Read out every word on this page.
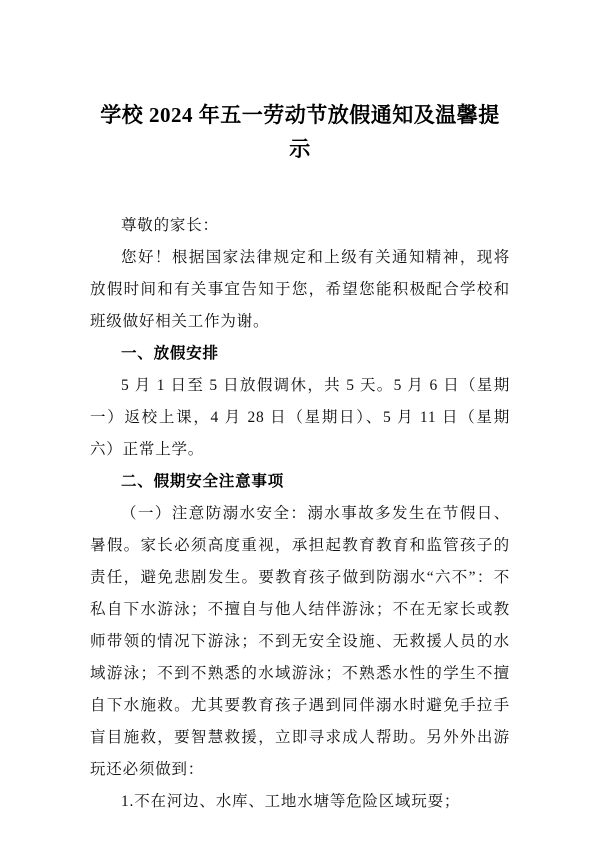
学校 2024 年五一劳动节放假通知及温馨提示

尊敬的家长：

您好！根据国家法律规定和上级有关通知精神，现将放假时间和有关事宜告知于您，希望您能积极配合学校和班级做好相关工作为谢。

一、放假安排

5 月 1 日至 5 日放假调休，共 5 天。5 月 6 日（星期一）返校上课，4 月 28 日（星期日）、5 月 11 日（星期六）正常上学。

二、假期安全注意事项

（一）注意防溺水安全：溺水事故多发生在节假日、暑假。家长必须高度重视，承担起教育教育和监管孩子的责任，避免悲剧发生。要教育孩子做到防溺水“六不”：不私自下水游泳；不擅自与他人结伴游泳；不在无家长或教师带领的情况下游泳；不到无安全设施、无救援人员的水域游泳；不到不熟悉的水域游泳；不熟悉水性的学生不擅自下水施救。尤其要教育孩子遇到同伴溺水时避免手拉手盲目施救，要智慧救援，立即寻求成人帮助。另外外出游玩还必须做到：

1.不在河边、水库、工地水塘等危险区域玩耍；
